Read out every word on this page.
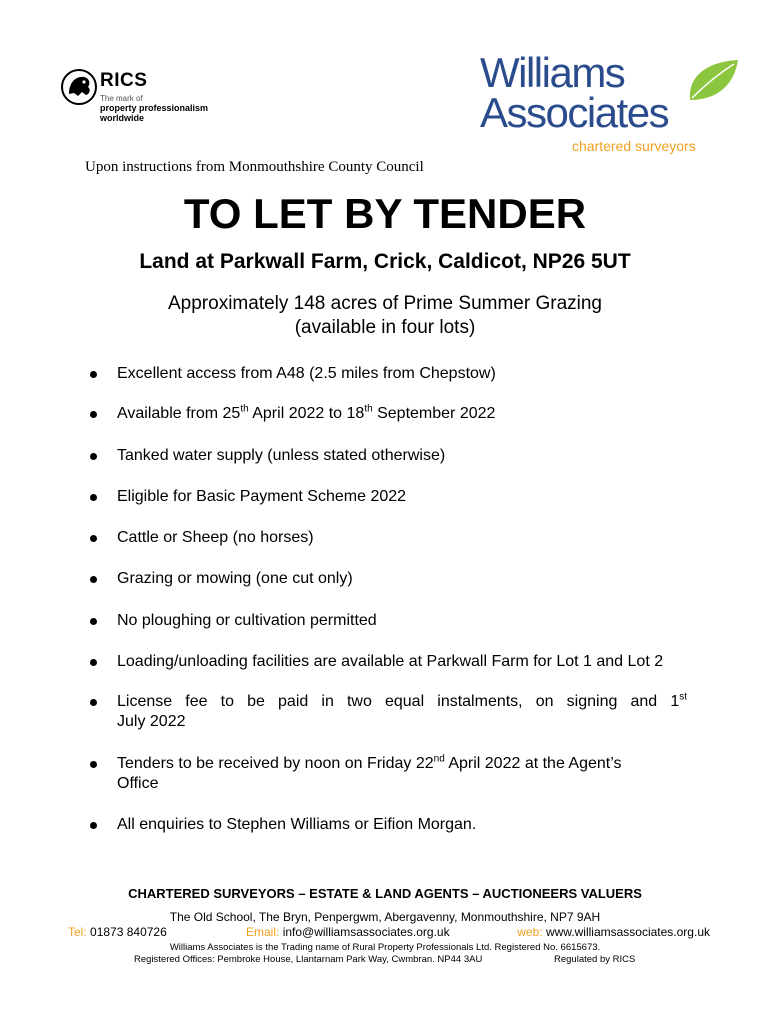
RICS
The mark of
property professionalism worldwide
Williams
Associates
chartered surveyors
Upon instructions from Monmouthshire County Council
TO LET BY TENDER
Land at Parkwall Farm, Crick, Caldicot, NP26 5UT
Approximately 148 acres of Prime Summer Grazing
(available in four lots)
Excellent access from A48 (2.5 miles from Chepstow)
Available from 25th April 2022 to 18th September 2022
Tanked water supply (unless stated otherwise)
Eligible for Basic Payment Scheme 2022
Cattle or Sheep (no horses)
Grazing or mowing (one cut only)
No ploughing or cultivation permitted
Loading/unloading facilities are available at Parkwall Farm for Lot 1 and Lot 2
License fee to be paid in two equal instalments, on signing and 1st
July 2022
Tenders to be received by noon on Friday 22nd April 2022 at the Agent’s
Office
All enquiries to Stephen Williams or Eifion Morgan.
CHARTERED SURVEYORS – ESTATE & LAND AGENTS – AUCTIONEERS VALUERS
The Old School, The Bryn, Penpergwm, Abergavenny, Monmouthshire, NP7 9AH
Tel: 01873 840726	Email: info@williamsassociates.org.uk	web: www.williamsassociates.org.uk
Williams Associates is the Trading name of Rural Property Professionals Ltd. Registered No. 6615673.
Registered Offices: Pembroke House, Llantarnam Park Way, Cwmbran. NP44 3AU	Regulated by RICS
